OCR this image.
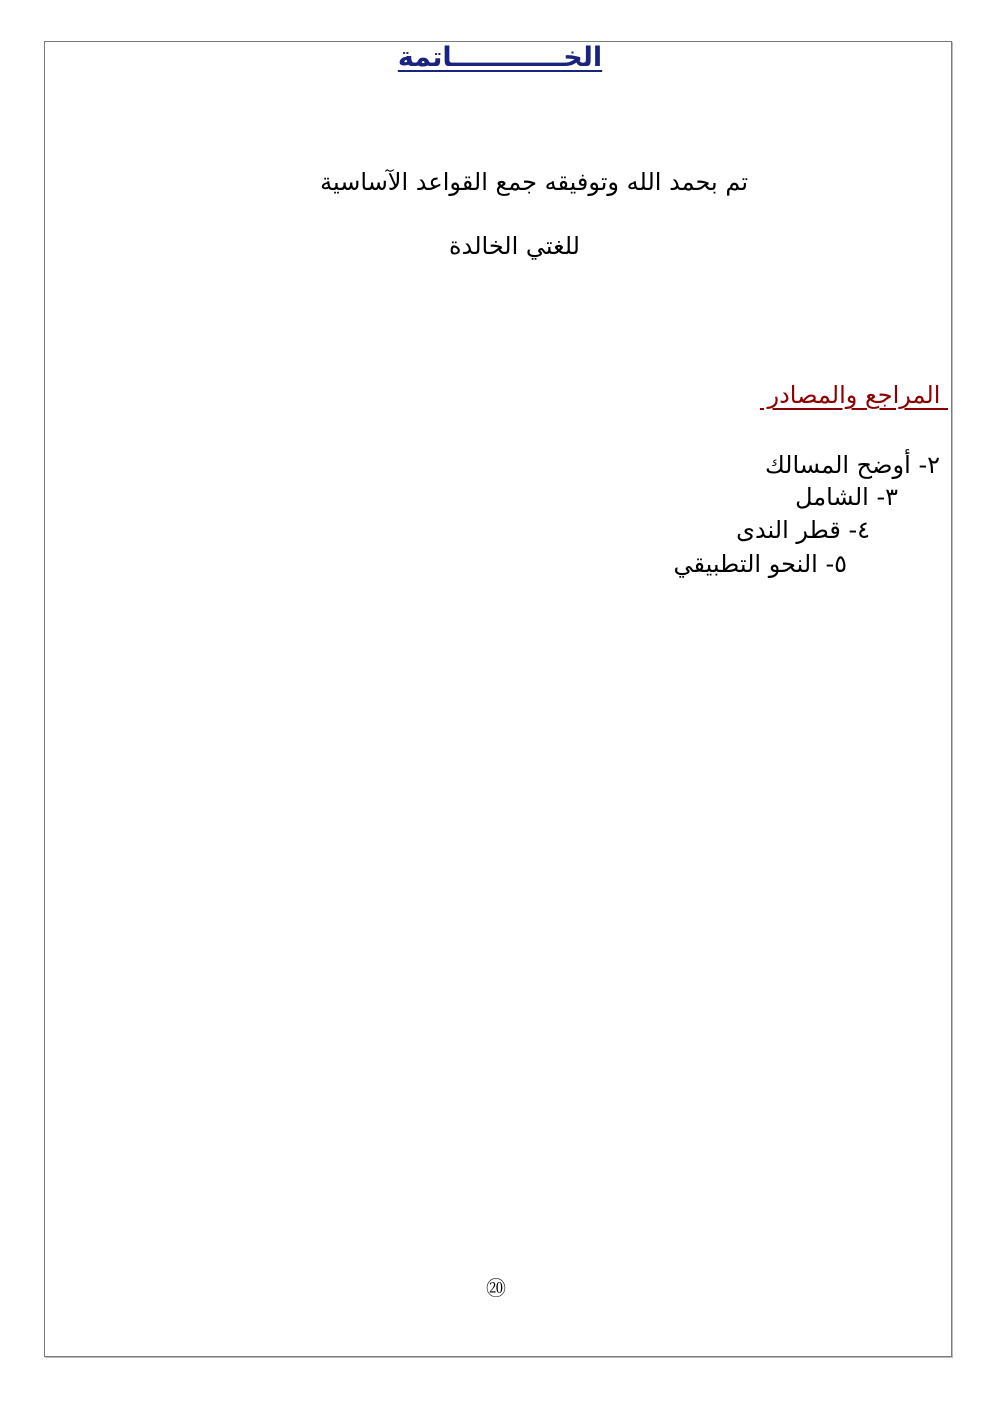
الخــــــــــــاتمة
تم بحمد الله وتوفيقه جمع القواعد الآساسية
للغتي الخالدة
المراجع والمصادر
٢- أوضح المسالك
٣- الشامل
٤- قطر الندى
٥- النحو التطبيقي
⑳
